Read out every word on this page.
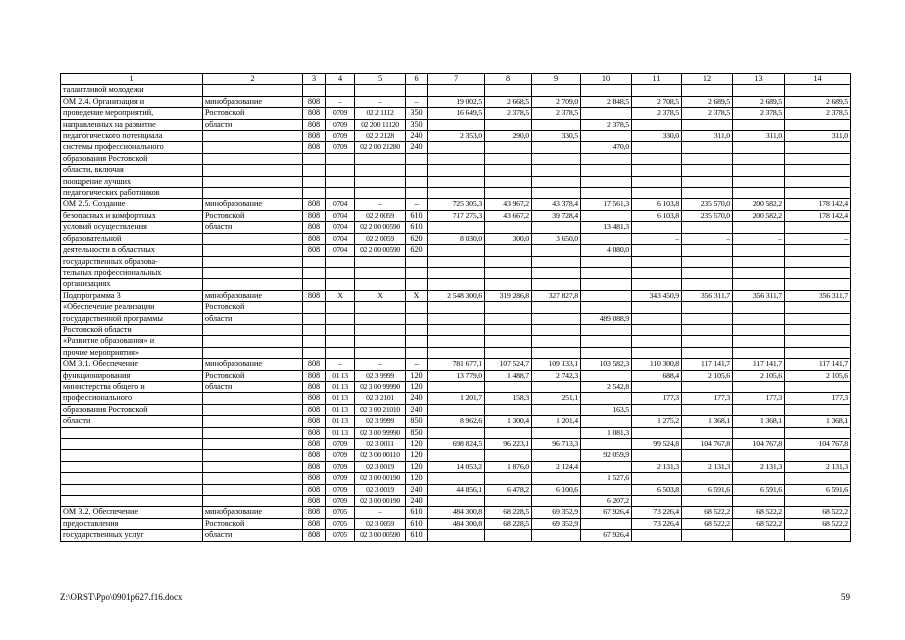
1	2	3	4	5	6	7	8	9	10	11	12	13	14
талантливой молодежи													
ОМ 2.4. Организация и	минобразование	808	–	–	–	19 002,5	2 668,5	2 709,0	2 848,5	2 708,5	2 689,5	2 689,5	2 689,5
проведение мероприятий,	Ростовской	808	0709	02 2 1112	350	16 649,5	2 378,5	2 378,5		2 378,5	2 378,5	2 378,5	2 378,5
направленных на развитие	области	808	0709	02 200 11120	350				2 378,5				
педагогического потенциала		808	0709	02 2 2128	240	2 353,0	290,0	330,5		330,0	311,0	311,0	311,0
системы профессионального		808	0709	02 2 00 21280	240				470,0				
образования Ростовской													
области, включая													
поощрение лучших													
педагогических работников													
ОМ 2.5. Создание	минобразование	808	0704	–	–	725 305,3	43 967,2	43 378,4	17 561,3	6 103,8	235 570,0	200 582,2	178 142,4
безопасных и комфортных	Ростовской	808	0704	02 2 0059	610	717 275,3	43 667,2	39 728,4		6 103,8	235 570,0	200 582,2	178 142,4
условий осуществления	области	808	0704	02 2 00 00590	610				13 481,3				
образовательной		808	0704	02 2 0059	620	8 030,0	300,0	3 650,0		–	–	–	–
деятельности в областных		808	0704	02 2 00 00590	620				4 080,0				
государственных образова-													
тельных профессиональных													
организациях													
Подпрограмма 3	минобразование	808	Х	Х	Х	2 548 300,6	319 286,8	327 827,8		343 450,9	356 311,7	356 311,7	356 311,7
«Обеспечение реализации	Ростовской												
государственной программы	области								489 088,9				
Ростовской области													
«Развитие образования» и													
прочие мероприятия»													
ОМ 3.1. Обеспечение	минобразование	808	–	–	–	781 677,1	107 524,7	109 133,1	103 582,3	110 300,8	117 141,7	117 141,7	117 141,7
функционирования	Ростовской	808	01 13	02 3 9999	120	13 779,0	1 488,7	2 742,3		688,4	2 105,6	2 105,6	2 105,6
министерства общего и	области	808	01 13	02 3 00 99990	120				2 542,8				
профессионального		808	01 13	02 3 2101	240	1 201,7	158,3	251,1		177,3	177,3	177,3	177,3
образования Ростовской		808	01 13	02 3 00 21010	240				163,5				
области		808	01 13	02 3 9999	850	8 962,6	1 300,4	1 201,4		1 275,2	1 368,1	1 368,1	1 368,1
		808	01 13	02 3 00 99990	850				1 081,3				
		808	0709	02 3 0011	120	698 824,5	96 223,1	96 713,3		99 524,8	104 767,8	104 767,8	104 767,8
		808	0709	02 3 00 00110	120				92 059,9				
		808	0709	02 3 0019	120	14 053,2	1 876,0	2 124,4		2 131,3	2 131,3	2 131,3	2 131,3
		808	0709	02 3 00 00190	120				1 527,6				
		808	0709	02 3 0019	240	44 856,1	6 478,2	6 100,6		6 503,8	6 591,6	6 591,6	6 591,6
		808	0709	02 3 00 00190	240				6 207,2				
ОМ 3.2. Обеспечение	минобразование	808	0705	–	610	484 300,8	68 228,5	69 352,9	67 926,4	73 226,4	68 522,2	68 522,2	68 522,2
предоставления	Ростовской	808	0705	02 3 0059	610	484 300,8	68 228,5	69 352,9		73 226,4	68 522,2	68 522,2	68 522,2
государственных услуг	области	808	0705	02 3 00 00590	610				67 926,4				
Z:\ORST\Ppo\0901p627.f16.docx	59
